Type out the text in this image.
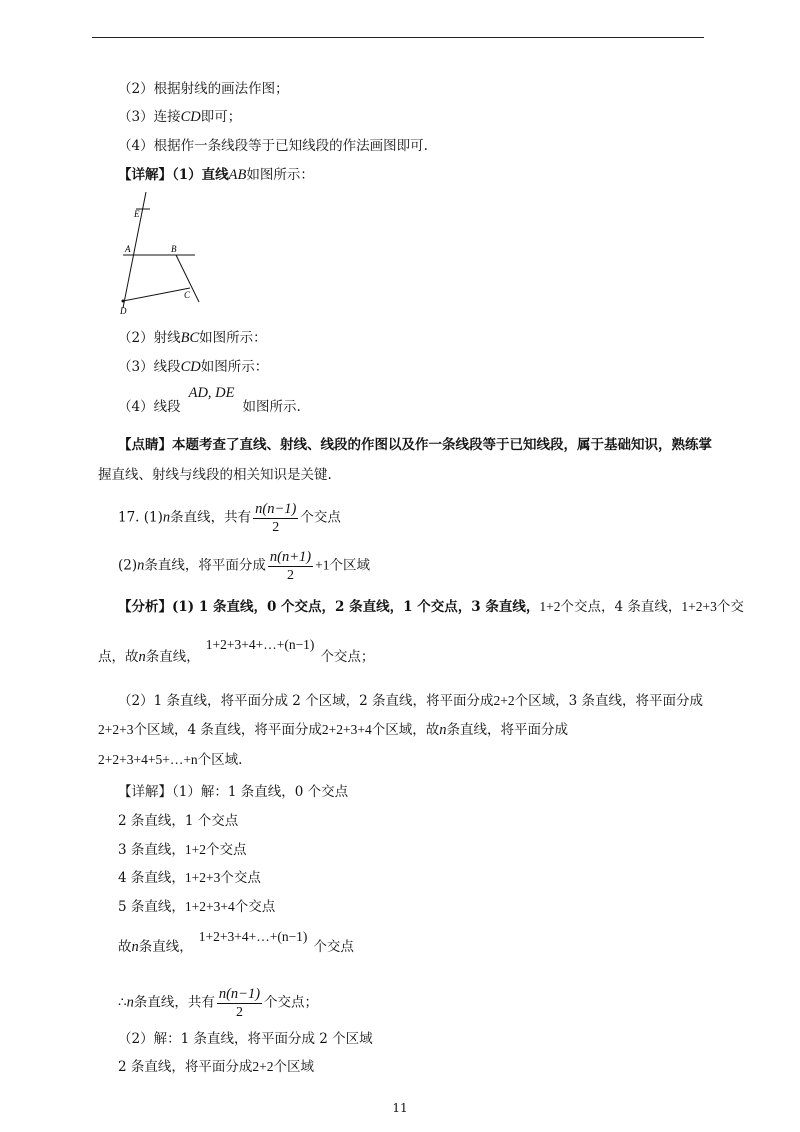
（2）根据射线的画法作图；
（3）连接CD即可；
（4）根据作一条线段等于已知线段的作法画图即可.
【详解】（1）直线AB如图所示：
E
A	B
C
D
（2）射线BC如图所示：
（3）线段CD如图所示：
（4）线段AD, DE如图所示.
【点睛】本题考查了直线、射线、线段的作图以及作一条线段等于已知线段，属于基础知识，熟练掌
握直线、射线与线段的相关知识是关键.
17. (1)n条直线，共有 $\frac{n(n-1)}{2}$ 个交点
(2)n条直线，将平面分成 $\frac{n(n+1)}{2} +1$个区域
【分析】(1) 1 条直线，0 个交点，2 条直线，1 个交点，3 条直线，1+2个交点，4 条直线，1+2+3个交
点，故n条直线，1+2+3+4+…+(n−1)个交点；
（2）1 条直线，将平面分成 2 个区域，2 条直线，将平面分成2+2个区域，3 条直线，将平面分成
2+2+3个区域，4 条直线，将平面分成2+2+3+4个区域，故n条直线，将平面分成
2+2+3+4+5+…+n个区域.
【详解】（1）解：1 条直线，0 个交点
2 条直线，1 个交点
3 条直线，1+2个交点
4 条直线，1+2+3个交点
5 条直线，1+2+3+4个交点
故n条直线，1+2+3+4+…+(n−1)个交点
∴n条直线，共有 $\frac{n(n-1)}{2}$ 个交点；
（2）解：1 条直线，将平面分成 2 个区域
2 条直线，将平面分成2+2个区域
11
